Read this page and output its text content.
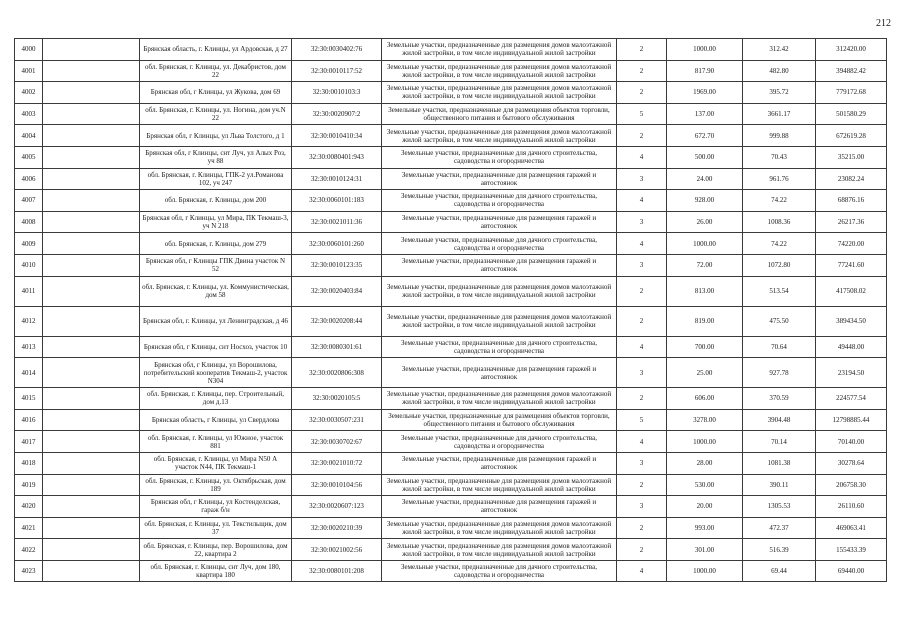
212
4000		Брянская область, г. Клинцы, ул Ардовская, д 27	32:30:0030402:76	Земельные участки, предназначенные для размещения домов малоэтажной жилой застройки, в том числе индивидуальной жилой застройки	2	1000.00	312.42	312420.00
4001		обл. Брянская, г. Клинцы, ул. Декабристов, дом 22	32:30:0010117:52	Земельные участки, предназначенные для размещения домов малоэтажной жилой застройки, в том числе индивидуальной жилой застройки	2	817.90	482.80	394882.42
4002		Брянская обл, г Клинцы, ул Жукова, дом 69	32:30:0010103:3	Земельные участки, предназначенные для размещения домов малоэтажной жилой застройки, в том числе индивидуальной жилой застройки	2	1969.00	395.72	779172.68
4003		обл. Брянская, г. Клинцы, ул. Ногина, дом уч.N 22	32:30:0020907:2	Земельные участки, предназначенные для размещения объектов торговли, общественного питания и бытового обслуживания	5	137.00	3661.17	501580.29
4004		Брянская обл, г Клинцы, ул Льва Толстого, д 1	32:30:0010410:34	Земельные участки, предназначенные для размещения домов малоэтажной жилой застройки, в том числе индивидуальной жилой застройки	2	672.70	999.88	672619.28
4005		Брянская обл, г Клинцы, снт Луч, ул Алых Роз, уч 88	32:30:0080401:943	Земельные участки, предназначенные для дачного строительства, садоводства и огородничества	4	500.00	70.43	35215.00
4006		обл. Брянская, г. Клинцы, ГПК-2 ул.Романова 102, уч 247	32:30:0010124:31	Земельные участки, предназначенные для размещения гаражей и автостоянок	3	24.00	961.76	23082.24
4007		обл. Брянская, г. Клинцы, дом 200	32:30:0060101:183	Земельные участки, предназначенные для дачного строительства, садоводства и огородничества	4	928.00	74.22	68876.16
4008		Брянская обл, г Клинцы, ул Мира, ПК Текмаш-3, уч N 218	32:30:0021011:36	Земельные участки, предназначенные для размещения гаражей и автостоянок	3	26.00	1008.36	26217.36
4009		обл. Брянская, г. Клинцы, дом 279	32:30:0060101:260	Земельные участки, предназначенные для дачного строительства, садоводства и огородничества	4	1000.00	74.22	74220.00
4010		Брянская обл, г Клинцы ГПК Двина участок N 52	32:30:0010123:35	Земельные участки, предназначенные для размещения гаражей и автостоянок	3	72.00	1072.80	77241.60
4011		обл. Брянская, г. Клинцы, ул. Коммунистическая, дом 58	32:30:0020403:84	Земельные участки, предназначенные для размещения домов малоэтажной жилой застройки, в том числе индивидуальной жилой застройки	2	813.00	513.54	417508.02
4012		Брянская обл, г. Клинцы, ул Ленинградская, д 46	32:30:0020208:44	Земельные участки, предназначенные для размещения домов малоэтажной жилой застройки, в том числе индивидуальной жилой застройки	2	819.00	475.50	389434.50
4013		Брянская обл, г Клинцы, снт Носхоз, участок 10	32:30:0080301:61	Земельные участки, предназначенные для дачного строительства, садоводства и огородничества	4	700.00	70.64	49448.00
4014		Брянская обл, г Клинцы, ул Ворошилова, потребительский кооператив Текмаш-2, участок N304	32:30:0020806:308	Земельные участки, предназначенные для размещения гаражей и автостоянок	3	25.00	927.78	23194.50
4015		обл. Брянская, г. Клинцы, пер. Строительный, дом д.13	32:30:0020105:5	Земельные участки, предназначенные для размещения домов малоэтажной жилой застройки, в том числе индивидуальной жилой застройки	2	606.00	370.59	224577.54
4016		Брянская область, г Клинцы, ул Свердлова	32:30:0030507:231	Земельные участки, предназначенные для размещения объектов торговли, общественного питания и бытового обслуживания	5	3278.00	3904.48	12798885.44
4017		обл. Брянская, г. Клинцы, ул Южное, участок 881	32:30:0030702:67	Земельные участки, предназначенные для дачного строительства, садоводства и огородничества	4	1000.00	70.14	70140.00
4018		обл. Брянская, г. Клинцы, ул Мира N50 А участок N44, ПК Текмаш-1	32:30:0021010:72	Земельные участки, предназначенные для размещения гаражей и автостоянок	3	28.00	1081.38	30278.64
4019		обл. Брянская, г. Клинцы, ул. Октябрьская, дом 189	32:30:0010104:56	Земельные участки, предназначенные для размещения домов малоэтажной жилой застройки, в том числе индивидуальной жилой застройки	2	530.00	390.11	206758.30
4020		Брянская обл, г Клинцы, ул Костенделская, гараж б/н	32:30:0020607:123	Земельные участки, предназначенные для размещения гаражей и автостоянок	3	20.00	1305.53	26110.60
4021		обл. Брянская, г. Клинцы, ул. Текстильщик, дом 37	32:30:0020210:39	Земельные участки, предназначенные для размещения домов малоэтажной жилой застройки, в том числе индивидуальной жилой застройки	2	993.00	472.37	469063.41
4022		обл. Брянская, г. Клинцы, пер. Ворошилова, дом 22, квартира 2	32:30:0021002:56	Земельные участки, предназначенные для размещения домов малоэтажной жилой застройки, в том числе индивидуальной жилой застройки	2	301.00	516.39	155433.39
4023		обл. Брянская, г. Клинцы, снт Луч, дом 180, квартира 180	32:30:0080101:208	Земельные участки, предназначенные для дачного строительства, садоводства и огородничества	4	1000.00	69.44	69440.00
